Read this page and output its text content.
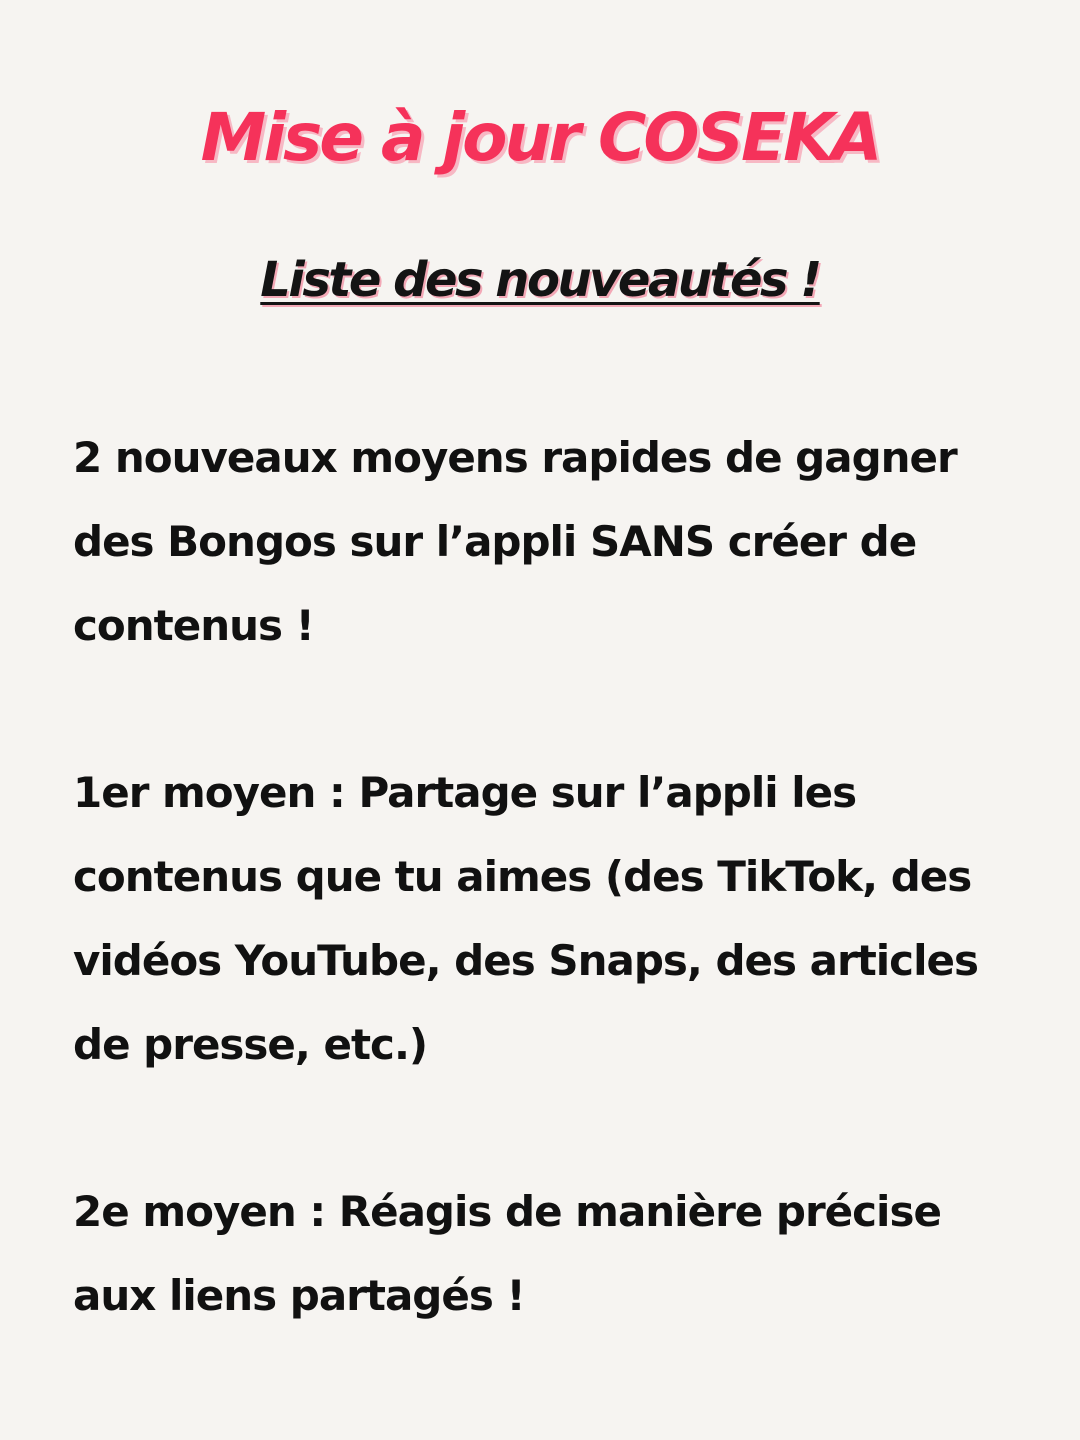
Mise à jour COSEKA
Liste des nouveautés !

2 nouveaux moyens rapides de gagner des Bongos sur l’appli SANS créer de contenus !

1er moyen : Partage sur l’appli les contenus que tu aimes (des TikTok, des vidéos YouTube, des Snaps, des articles de presse, etc.)

2e moyen : Réagis de manière précise aux liens partagés !
